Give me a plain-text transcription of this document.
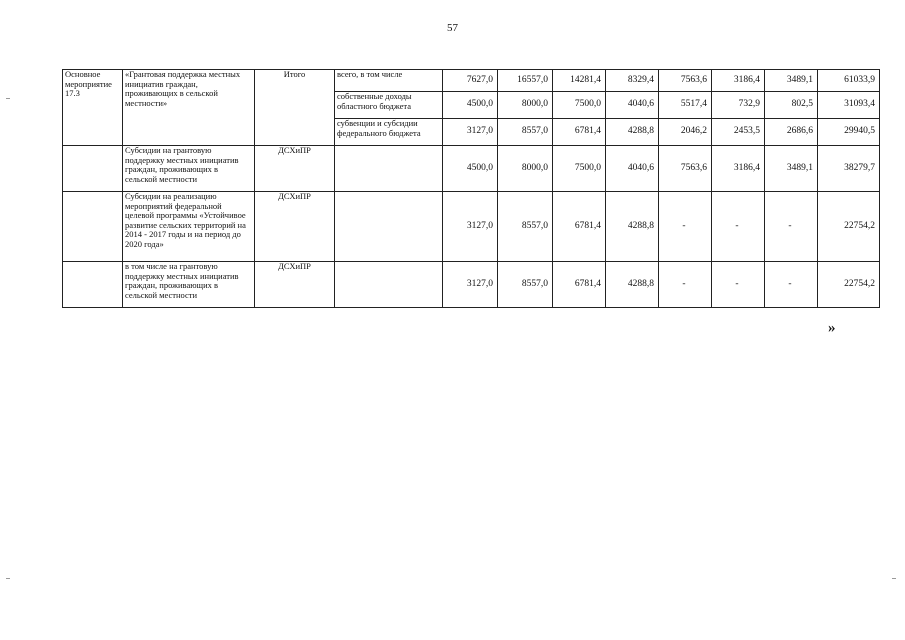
57
Основное мероприятие 17.3	«Грантовая поддержка местных инициатив граждан, проживающих в сельской местности»	Итого	всего, в том числе	7627,0	16557,0	14281,4	8329,4	7563,6	3186,4	3489,1	61033,9
			собственные доходы областного бюджета	4500,0	8000,0	7500,0	4040,6	5517,4	732,9	802,5	31093,4
			субвенции и субсидии федерального бюджета	3127,0	8557,0	6781,4	4288,8	2046,2	2453,5	2686,6	29940,5
	Субсидии на грантовую поддержку местных инициатив граждан, проживающих в сельской местности	ДСХиПР		4500,0	8000,0	7500,0	4040,6	7563,6	3186,4	3489,1	38279,7
	Субсидии на реализацию мероприятий федеральной целевой программы «Устойчивое развитие сельских территорий на 2014 - 2017 годы и на период до 2020 года»	ДСХиПР		3127,0	8557,0	6781,4	4288,8	-	-	-	22754,2
	в том числе на грантовую поддержку местных инициатив граждан, проживающих в сельской местности	ДСХиПР		3127,0	8557,0	6781,4	4288,8	-	-	-	22754,2
»
